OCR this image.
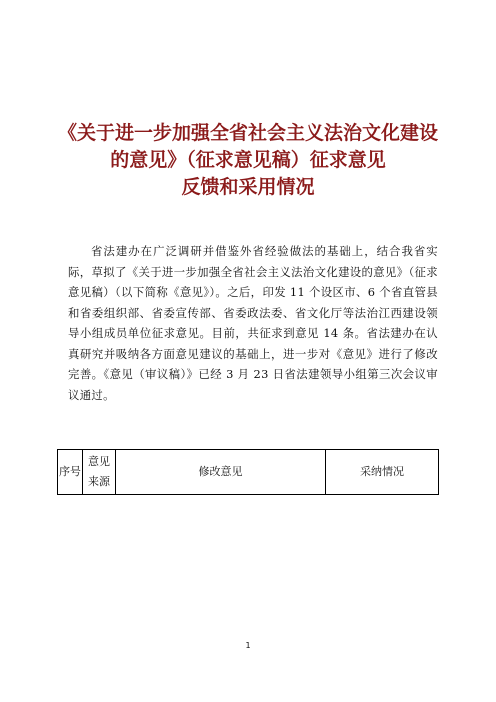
《关于进一步加强全省社会主义法治文化建设
的意见》（征求意见稿）征求意见
反馈和采用情况

省法建办在广泛调研并借鉴外省经验做法的基础上，结合我省实际，草拟了《关于进一步加强全省社会主义法治文化建设的意见》（征求意见稿）（以下简称《意见》）。之后，印发 11 个设区市、6 个省直管县和省委组织部、省委宣传部、省委政法委、省文化厅等法治江西建设领导小组成员单位征求意见。目前，共征求到意见 14 条。省法建办在认真研究并吸纳各方面意见建议的基础上，进一步对《意见》进行了修改完善。《意见（审议稿）》已经 3 月 23 日省法建领导小组第三次会议审议通过。

序号	意见来源	修改意见	采纳情况
1
